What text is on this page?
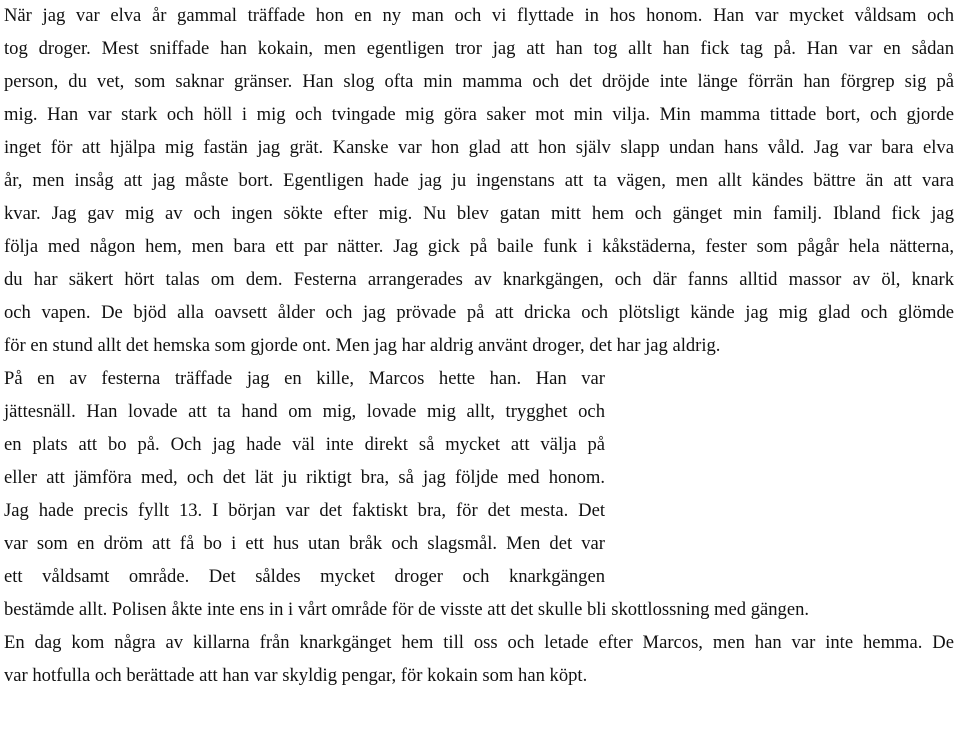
När jag var elva år gammal träffade hon en ny man och vi flyttade in hos honom. Han var mycket våldsam och

tog droger. Mest sniffade han kokain, men egentligen tror jag att han tog allt han fick tag på. Han var en sådan

person, du vet, som saknar gränser. Han slog ofta min mamma och det dröjde inte länge förrän han förgrep sig på

mig. Han var stark och höll i mig och tvingade mig göra saker mot min vilja. Min mamma tittade bort, och gjorde

inget för att hjälpa mig fastän jag grät. Kanske var hon glad att hon själv slapp undan hans våld. Jag var bara elva

år, men insåg att jag måste bort. Egentligen hade jag ju ingenstans att ta vägen, men allt kändes bättre än att vara

kvar. Jag gav mig av och ingen sökte efter mig. Nu blev gatan mitt hem och gänget min familj. Ibland fick jag

följa med någon hem, men bara ett par nätter. Jag gick på baile funk i kåkstäderna, fester som pågår hela nätterna,

du har säkert hört talas om dem. Festerna arrangerades av knarkgängen, och där fanns alltid massor av öl, knark

och vapen. De bjöd alla oavsett ålder och jag prövade på att dricka och plötsligt kände jag mig glad och glömde

för en stund allt det hemska som gjorde ont. Men jag har aldrig använt droger, det har jag aldrig.

På en av festerna träffade jag en kille, Marcos hette han. Han var

jättesnäll. Han lovade att ta hand om mig, lovade mig allt, trygghet och

en plats att bo på. Och jag hade väl inte direkt så mycket att välja på

eller att jämföra med, och det lät ju riktigt bra, så jag följde med honom.

Jag hade precis fyllt 13. I början var det faktiskt bra, för det mesta. Det

var som en dröm att få bo i ett hus utan bråk och slagsmål. Men det var

ett våldsamt område. Det såldes mycket droger och knarkgängen

bestämde allt. Polisen åkte inte ens in i vårt område för de visste att det skulle bli skottlossning med gängen.

En dag kom några av killarna från knarkgänget hem till oss och letade efter Marcos, men han var inte hemma. De

var hotfulla och berättade att han var skyldig pengar, för kokain som han köpt.
